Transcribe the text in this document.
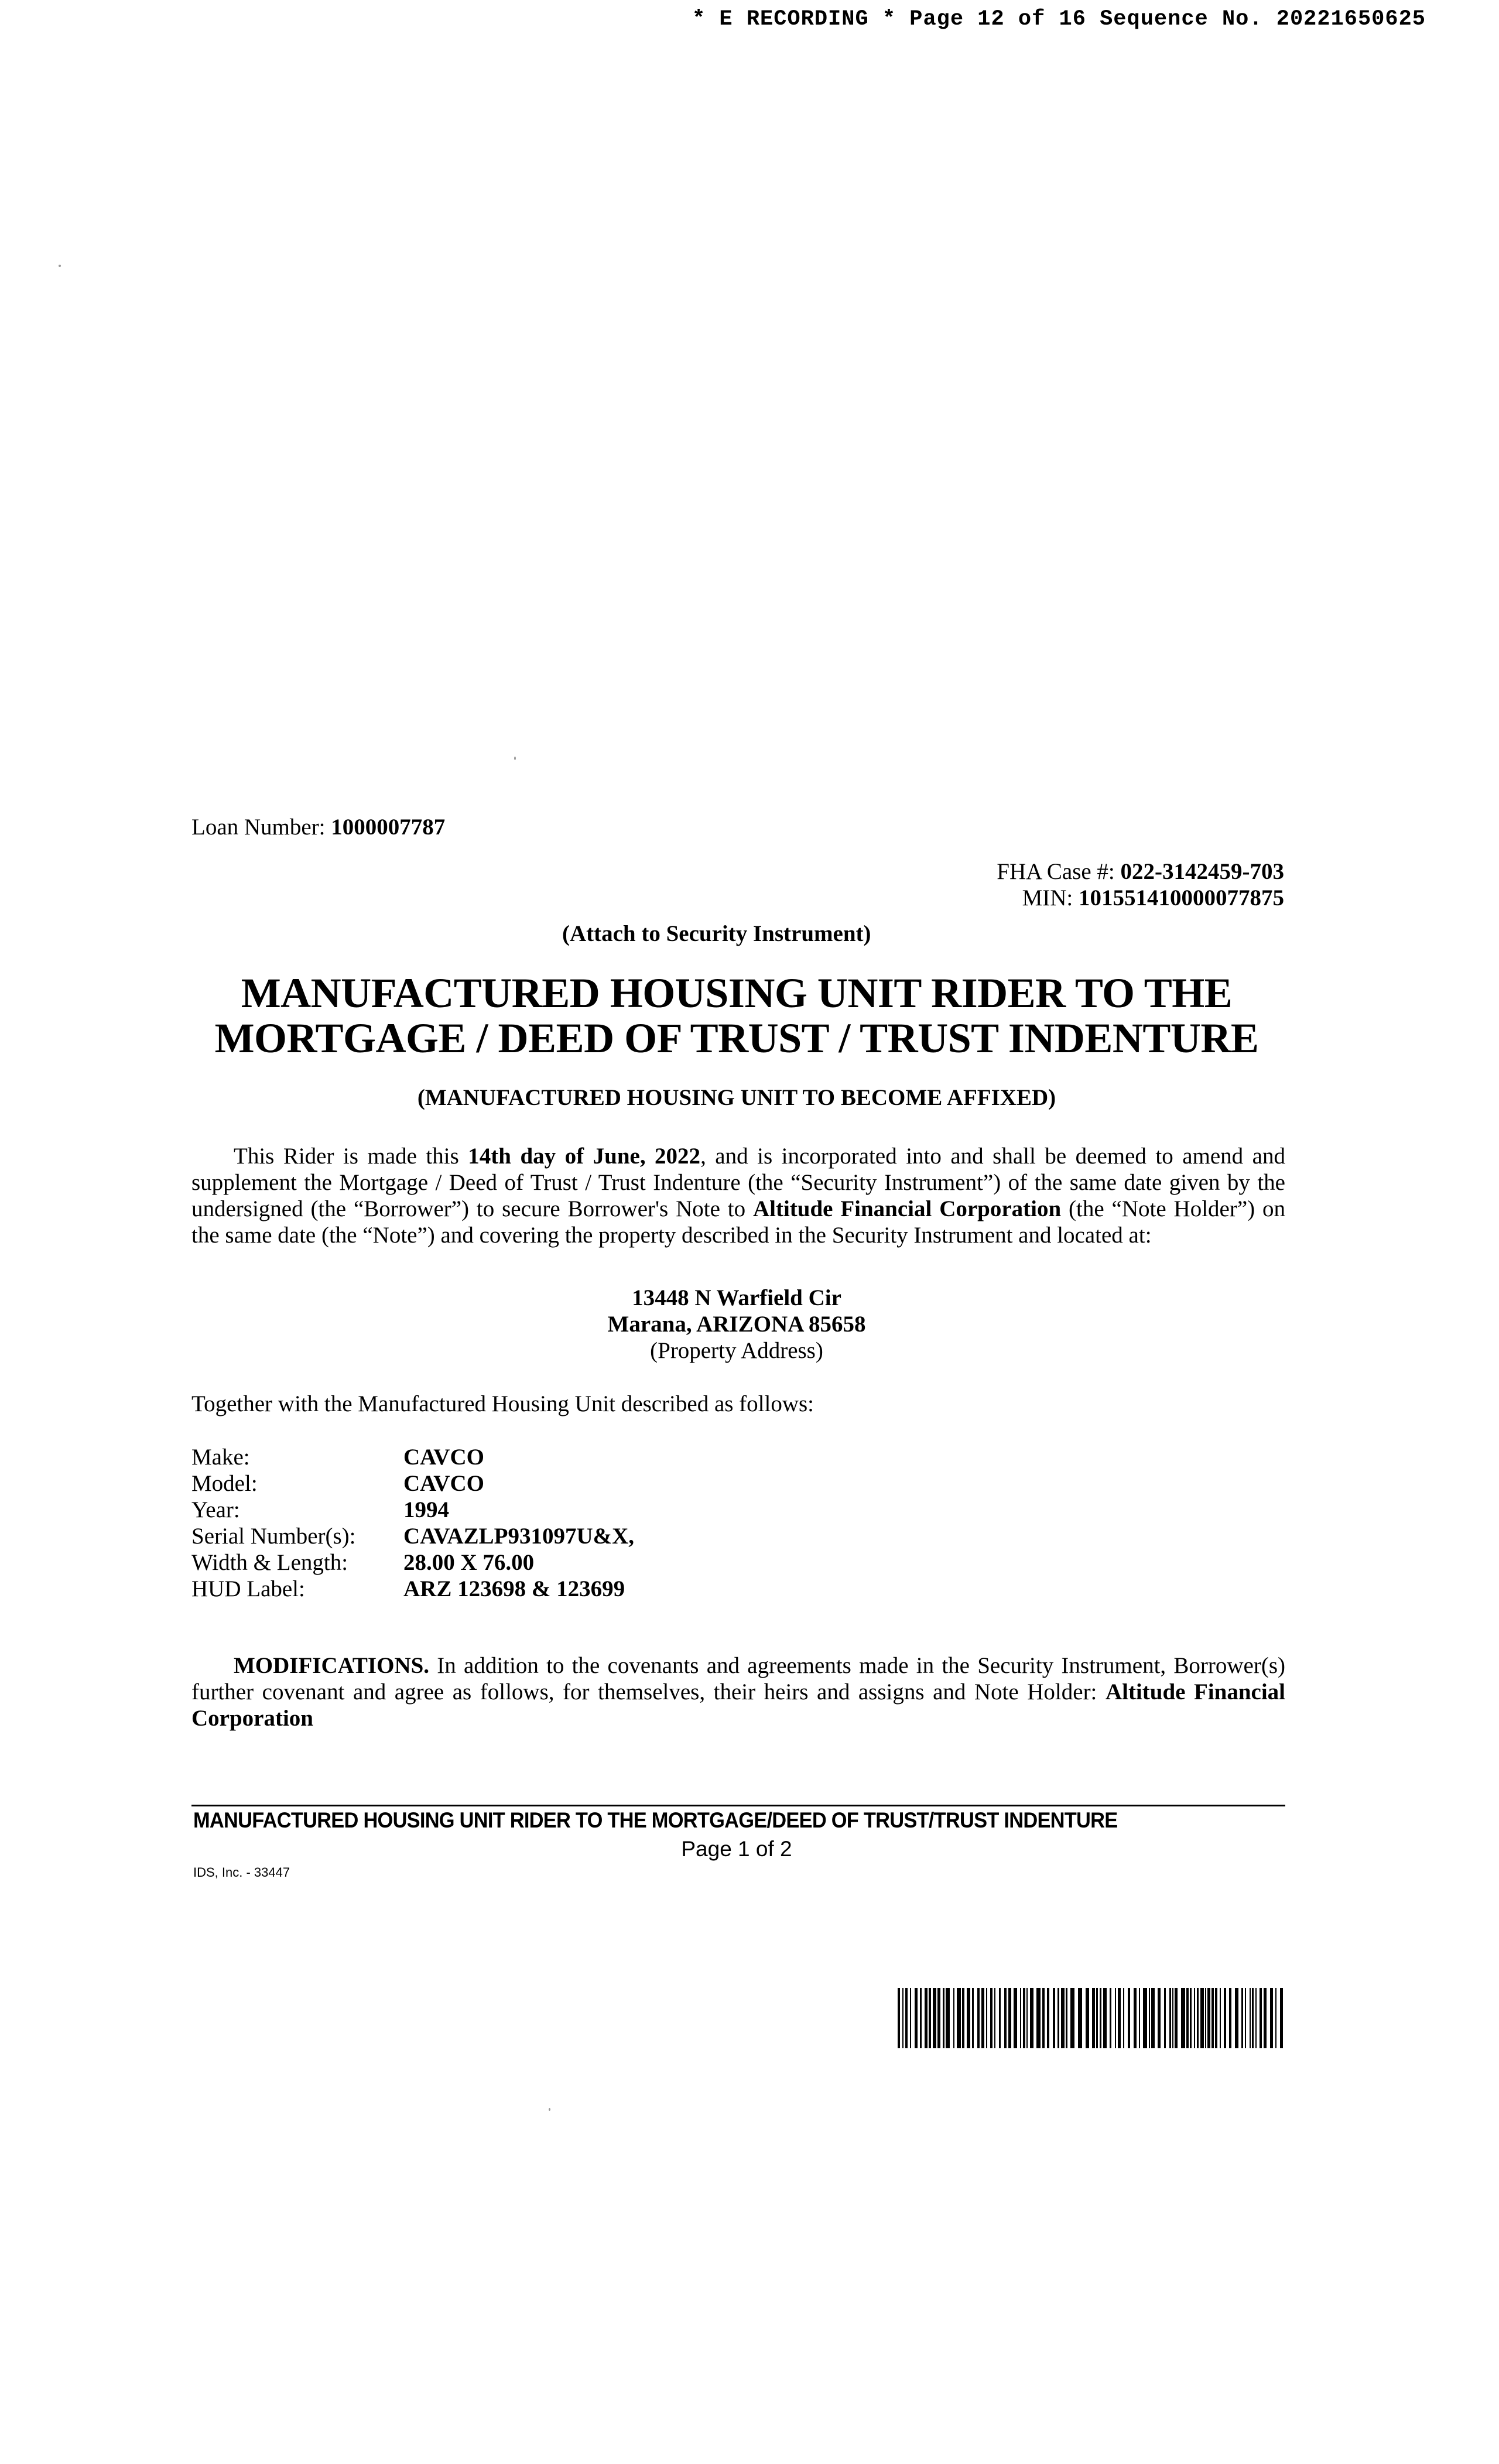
* E RECORDING * Page 12 of 16 Sequence No. 20221650625
Loan Number: 1000007787
FHA Case #: 022-3142459-703
MIN: 101551410000077875
(Attach to Security Instrument)
MANUFACTURED HOUSING UNIT RIDER TO THE
MORTGAGE / DEED OF TRUST / TRUST INDENTURE
(MANUFACTURED HOUSING UNIT TO BECOME AFFIXED)
This Rider is made this 14th day of June, 2022, and is incorporated into and shall be deemed to amend and supplement the Mortgage / Deed of Trust / Trust Indenture (the “Security Instrument”) of the same date given by the undersigned (the “Borrower”) to secure Borrower's Note to Altitude Financial Corporation (the “Note Holder”) on the same date (the “Note”) and covering the property described in the Security Instrument and located at:
13448 N Warfield Cir
Marana, ARIZONA 85658
(Property Address)
Together with the Manufactured Housing Unit described as follows:
Make:	CAVCO
Model:	CAVCO
Year:	1994
Serial Number(s):	CAVAZLP931097U&X,
Width & Length:	28.00 X 76.00
HUD Label:	ARZ 123698 & 123699
MODIFICATIONS. In addition to the covenants and agreements made in the Security Instrument, Borrower(s) further covenant and agree as follows, for themselves, their heirs and assigns and Note Holder: Altitude Financial Corporation
MANUFACTURED HOUSING UNIT RIDER TO THE MORTGAGE/DEED OF TRUST/TRUST INDENTURE
Page 1 of 2
IDS, Inc. - 33447
